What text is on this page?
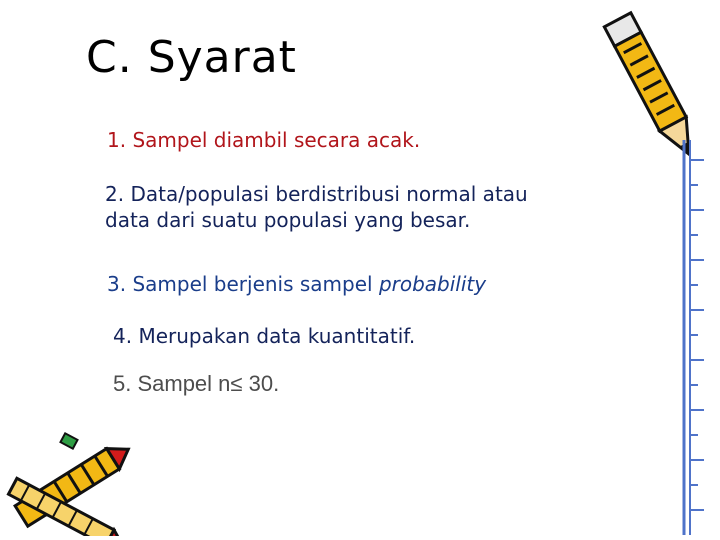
C. Syarat
1. Sampel diambil secara acak.
2. Data/populasi berdistribusi normal atau
data dari suatu populasi yang besar.
3. Sampel berjenis sampel probability
4. Merupakan data kuantitatif.
5. Sampel n≤ 30.
